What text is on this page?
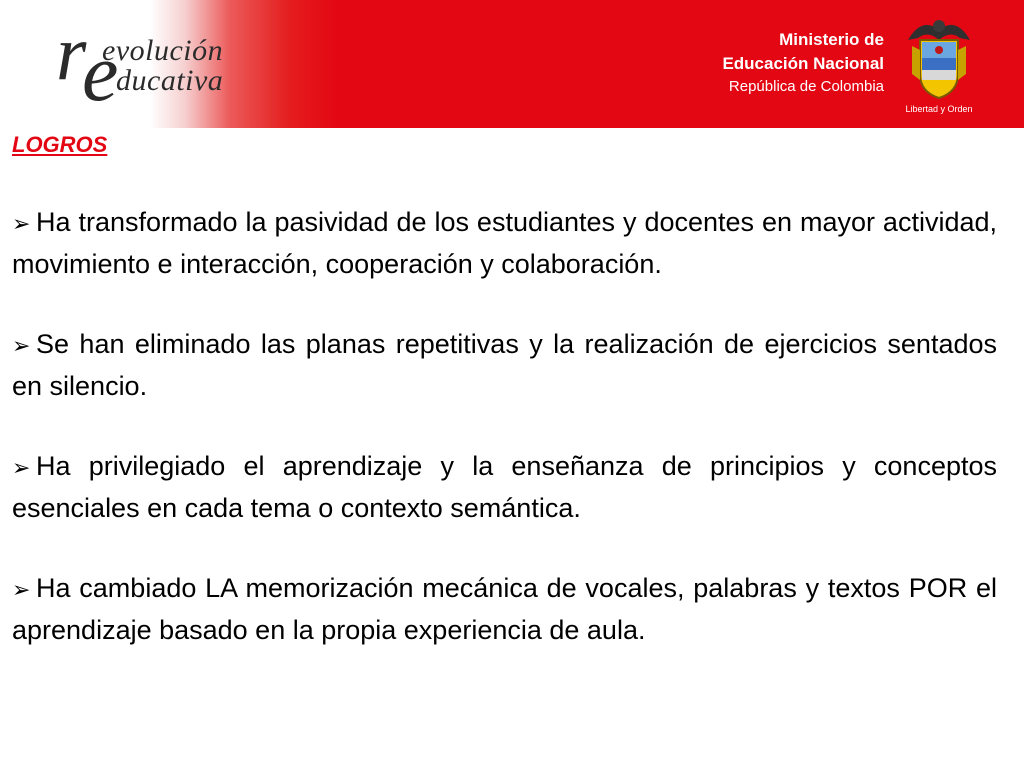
r
e
evolución
ducativa
Ministerio de
Educación Nacional
República de Colombia
Libertad y Orden

LOGROS

➢ Ha transformado la pasividad de los estudiantes y docentes en mayor actividad, movimiento e interacción, cooperación y colaboración.

➢ Se han eliminado las planas repetitivas y la realización de ejercicios sentados en silencio.

➢ Ha privilegiado el aprendizaje y la enseñanza de principios y conceptos esenciales en cada tema o contexto semántica.

➢ Ha cambiado LA memorización mecánica de vocales, palabras y textos POR el aprendizaje basado en la propia experiencia de aula.
